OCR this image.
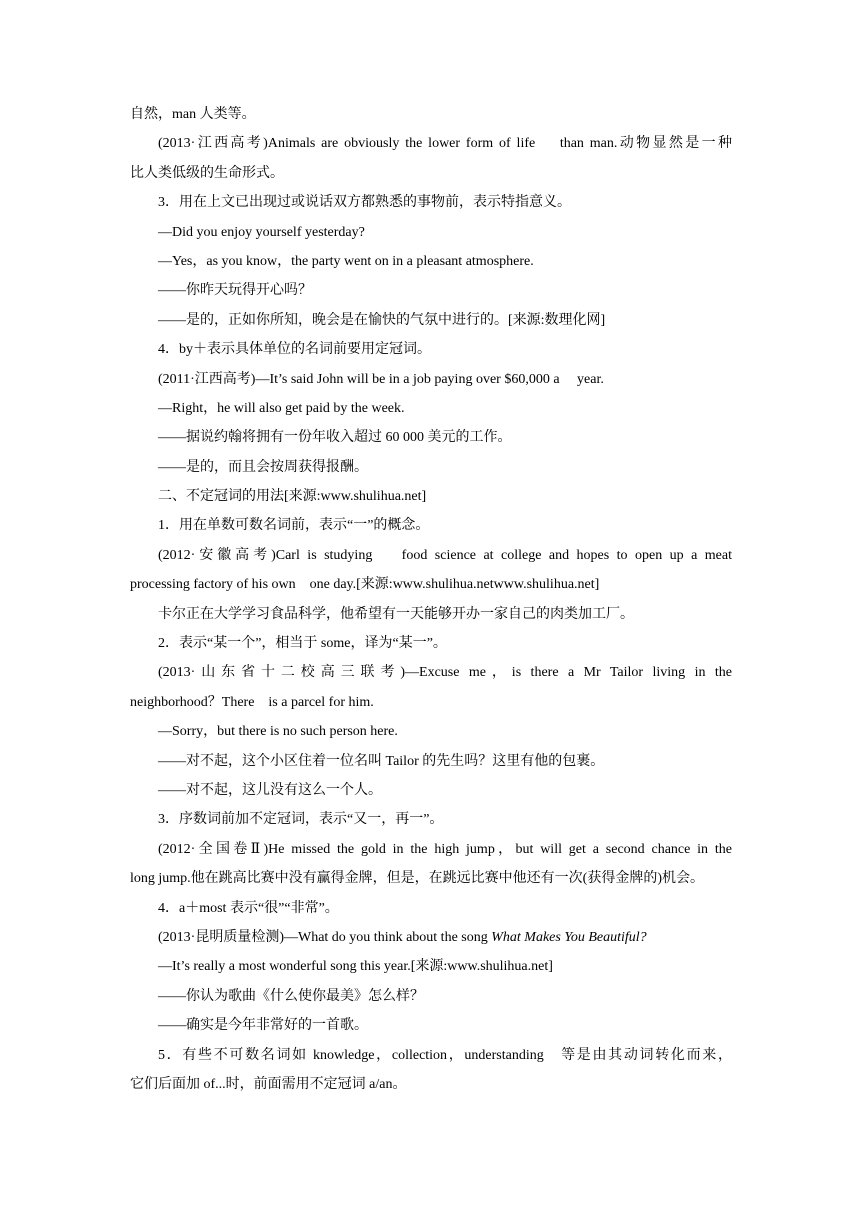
自然，man 人类等。
(2013·江西高考)Animals are obviously the lower form of life　 than man.动物显然是一种
比人类低级的生命形式。
3．用在上文已出现过或说话双方都熟悉的事物前，表示特指意义。
—Did you enjoy yourself yesterday?
—Yes，as you know，the party went on in a pleasant atmosphere.
——你昨天玩得开心吗？
——是的，正如你所知，晚会是在愉快的气氛中进行的。[来源:数理化网]
4．by＋表示具体单位的名词前要用定冠词。
(2011·江西高考)—It’s said John will be in a job paying over $60,000 a　 year.
—Right，he will also get paid by the week.
——据说约翰将拥有一份年收入超过 60 000 美元的工作。
——是的，而且会按周获得报酬。
二、不定冠词的用法[来源:www.shulihua.net]
1．用在单数可数名词前，表示“一”的概念。
(2012·安徽高考)Carl is studying　 food science at college and hopes to open up a meat
processing factory of his own　one day.[来源:www.shulihua.netwww.shulihua.net]
卡尔正在大学学习食品科学，他希望有一天能够开办一家自己的肉类加工厂。
2．表示“某一个”，相当于 some，译为“某一”。
(2013·山东省十二校高三联考)—Excuse me，is there a Mr Tailor living in the
neighborhood？There　is a parcel for him.
—Sorry，but there is no such person here.
——对不起，这个小区住着一位名叫 Tailor 的先生吗？这里有他的包裹。
——对不起，这儿没有这么一个人。
3．序数词前加不定冠词，表示“又一，再一”。
(2012·全国卷Ⅱ)He missed the gold in the high jump，but will get a second chance in the
long jump.他在跳高比赛中没有赢得金牌，但是，在跳远比赛中他还有一次(获得金牌的)机会。
4．a＋most 表示“很”“非常”。
(2013·昆明质量检测)—What do you think about the song What Makes You Beautiful?
—It’s really a most wonderful song this year.[来源:www.shulihua.net]
——你认为歌曲《什么使你最美》怎么样？
——确实是今年非常好的一首歌。
5．有些不可数名词如 knowledge，collection，understanding　等是由其动词转化而来，
它们后面加 of...时，前面需用不定冠词 a/an。
